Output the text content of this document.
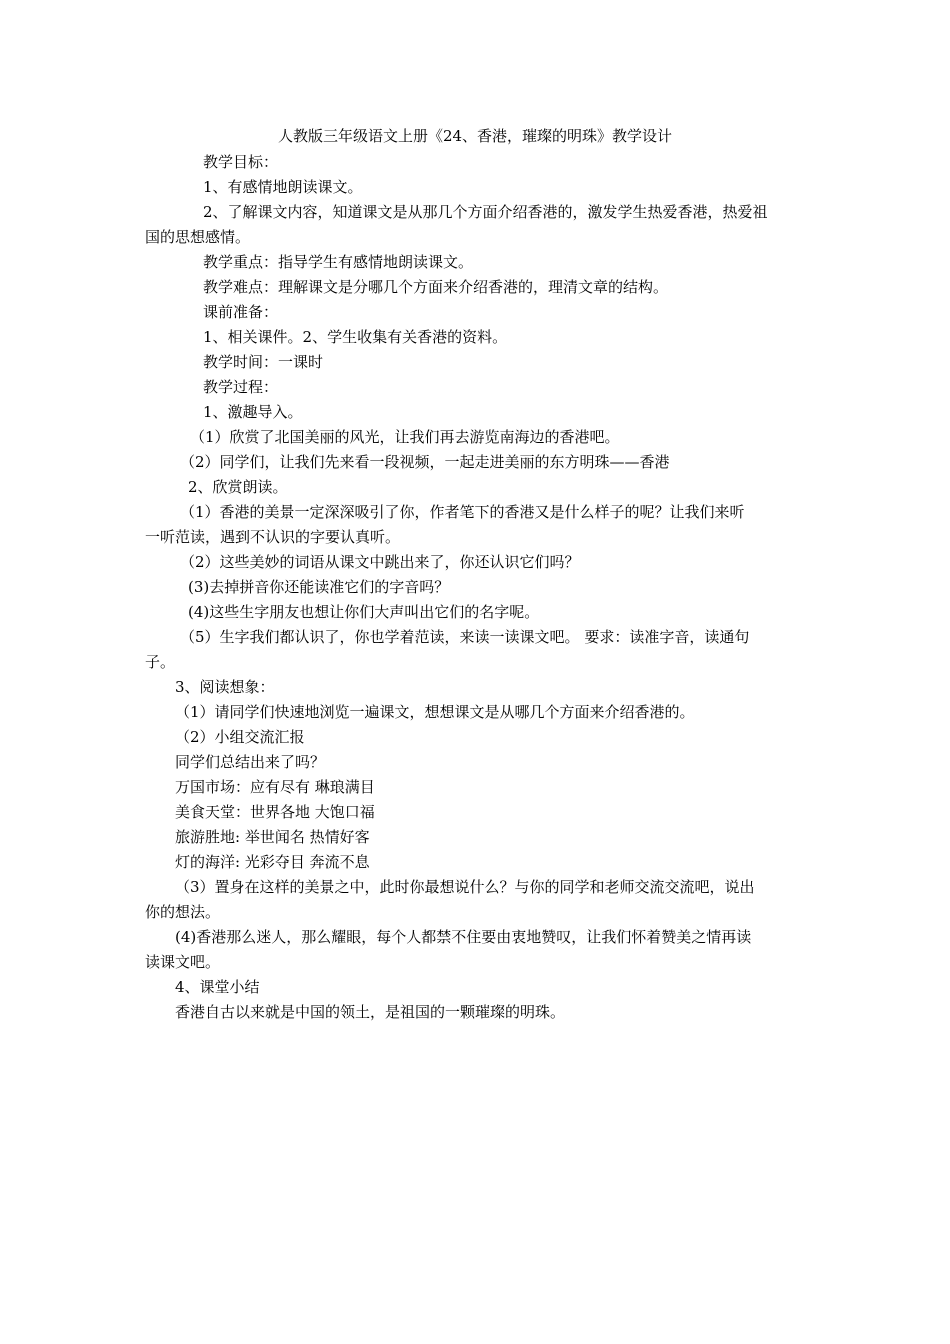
人教版三年级语文上册《24、香港，璀璨的明珠》教学设计
教学目标：
1、有感情地朗读课文。
2、了解课文内容，知道课文是从那几个方面介绍香港的，激发学生热爱香港，热爱祖
国的思想感情。
教学重点：指导学生有感情地朗读课文。
教学难点：理解课文是分哪几个方面来介绍香港的，理清文章的结构。
课前准备：
1、相关课件。2、学生收集有关香港的资料。
教学时间：一课时
教学过程：
1、激趣导入。
（1）欣赏了北国美丽的风光，让我们再去游览南海边的香港吧。
（2）同学们，让我们先来看一段视频，一起走进美丽的东方明珠——香港
2、欣赏朗读。
（1）香港的美景一定深深吸引了你，作者笔下的香港又是什么样子的呢？让我们来听
一听范读，遇到不认识的字要认真听。
（2）这些美妙的词语从课文中跳出来了，你还认识它们吗？
(3)去掉拼音你还能读准它们的字音吗？
(4)这些生字朋友也想让你们大声叫出它们的名字呢。
（5）生字我们都认识了，你也学着范读，来读一读课文吧。 要求：读准字音，读通句
子。
3、阅读想象：
（1）请同学们快速地浏览一遍课文，想想课文是从哪几个方面来介绍香港的。
（2）小组交流汇报
同学们总结出来了吗？
万国市场：应有尽有 琳琅满目
美食天堂：世界各地 大饱口福
旅游胜地: 举世闻名 热情好客
灯的海洋: 光彩夺目 奔流不息
（3）置身在这样的美景之中，此时你最想说什么？与你的同学和老师交流交流吧，说出
你的想法。
(4)香港那么迷人，那么耀眼，每个人都禁不住要由衷地赞叹，让我们怀着赞美之情再读
读课文吧。
4、课堂小结
香港自古以来就是中国的领土，是祖国的一颗璀璨的明珠。
